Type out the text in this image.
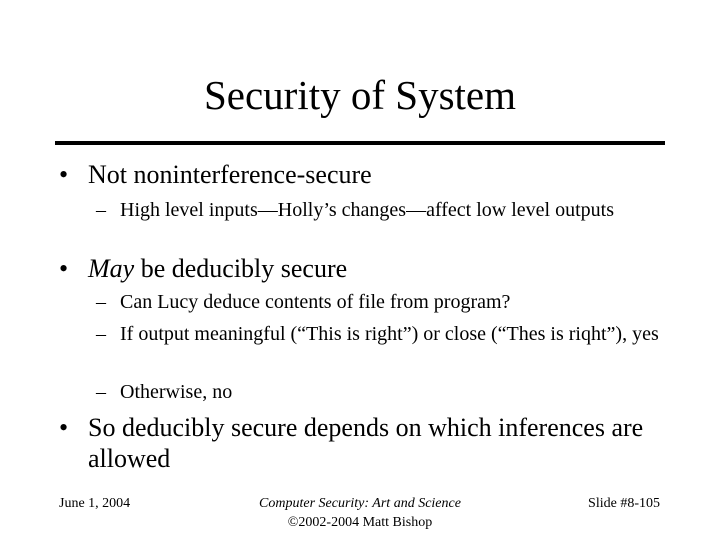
Security of System
• Not noninterference-secure
– High level inputs—Holly’s changes—affect low level outputs
• May be deducibly secure
– Can Lucy deduce contents of file from program?
– If output meaningful (“This is right”) or close (“Thes is riqht”), yes
– Otherwise, no
• So deducibly secure depends on which inferences are allowed
June 1, 2004	Computer Security: Art and Science
©2002-2004 Matt Bishop
Slide #8-105
